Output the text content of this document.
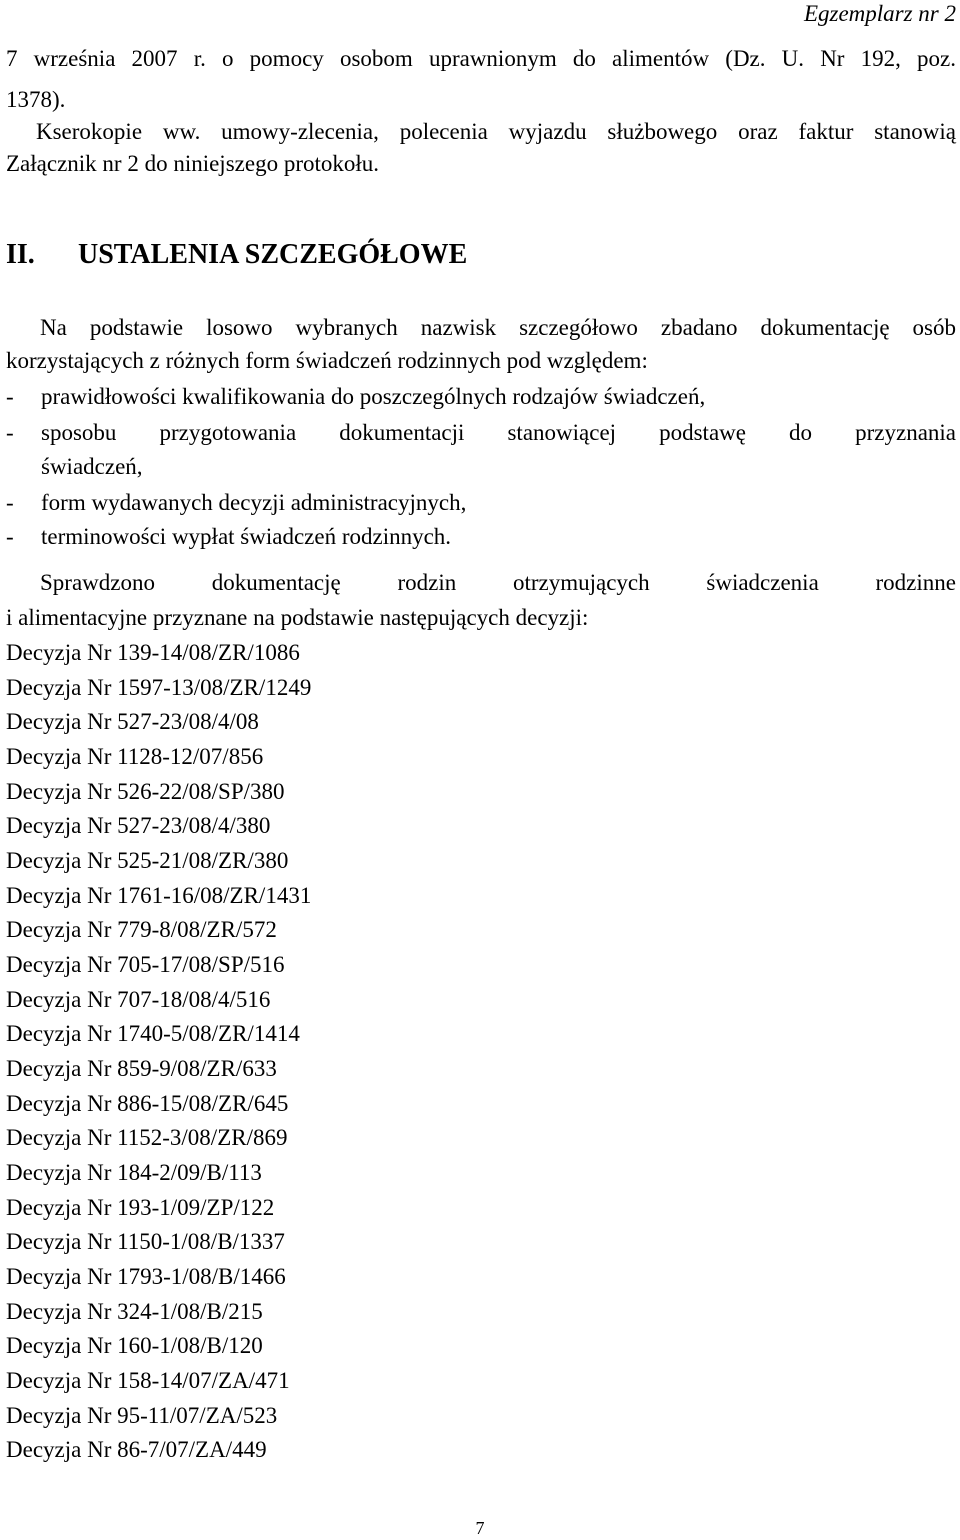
Egzemplarz nr 2
7 września 2007 r. o pomocy osobom uprawnionym do alimentów (Dz. U. Nr 192, poz.
1378).
Kserokopie ww. umowy-zlecenia, polecenia wyjazdu służbowego oraz faktur stanowią
Załącznik nr 2 do niniejszego protokołu.
II. USTALENIA SZCZEGÓŁOWE
Na podstawie losowo wybranych nazwisk szczegółowo zbadano dokumentację osób
korzystających z różnych form świadczeń rodzinnych pod względem:
- prawidłowości kwalifikowania do poszczególnych rodzajów świadczeń,
- sposobu przygotowania dokumentacji stanowiącej podstawę do przyznania
świadczeń,
- form wydawanych decyzji administracyjnych,
- terminowości wypłat świadczeń rodzinnych.
Sprawdzono dokumentację rodzin otrzymujących świadczenia rodzinne
i alimentacyjne przyznane na podstawie następujących decyzji:
Decyzja Nr 139-14/08/ZR/1086
Decyzja Nr 1597-13/08/ZR/1249
Decyzja Nr 527-23/08/4/08
Decyzja Nr 1128-12/07/856
Decyzja Nr 526-22/08/SP/380
Decyzja Nr 527-23/08/4/380
Decyzja Nr 525-21/08/ZR/380
Decyzja Nr 1761-16/08/ZR/1431
Decyzja Nr 779-8/08/ZR/572
Decyzja Nr 705-17/08/SP/516
Decyzja Nr 707-18/08/4/516
Decyzja Nr 1740-5/08/ZR/1414
Decyzja Nr 859-9/08/ZR/633
Decyzja Nr 886-15/08/ZR/645
Decyzja Nr 1152-3/08/ZR/869
Decyzja Nr 184-2/09/B/113
Decyzja Nr 193-1/09/ZP/122
Decyzja Nr 1150-1/08/B/1337
Decyzja Nr 1793-1/08/B/1466
Decyzja Nr 324-1/08/B/215
Decyzja Nr 160-1/08/B/120
Decyzja Nr 158-14/07/ZA/471
Decyzja Nr 95-11/07/ZA/523
Decyzja Nr 86-7/07/ZA/449
7
